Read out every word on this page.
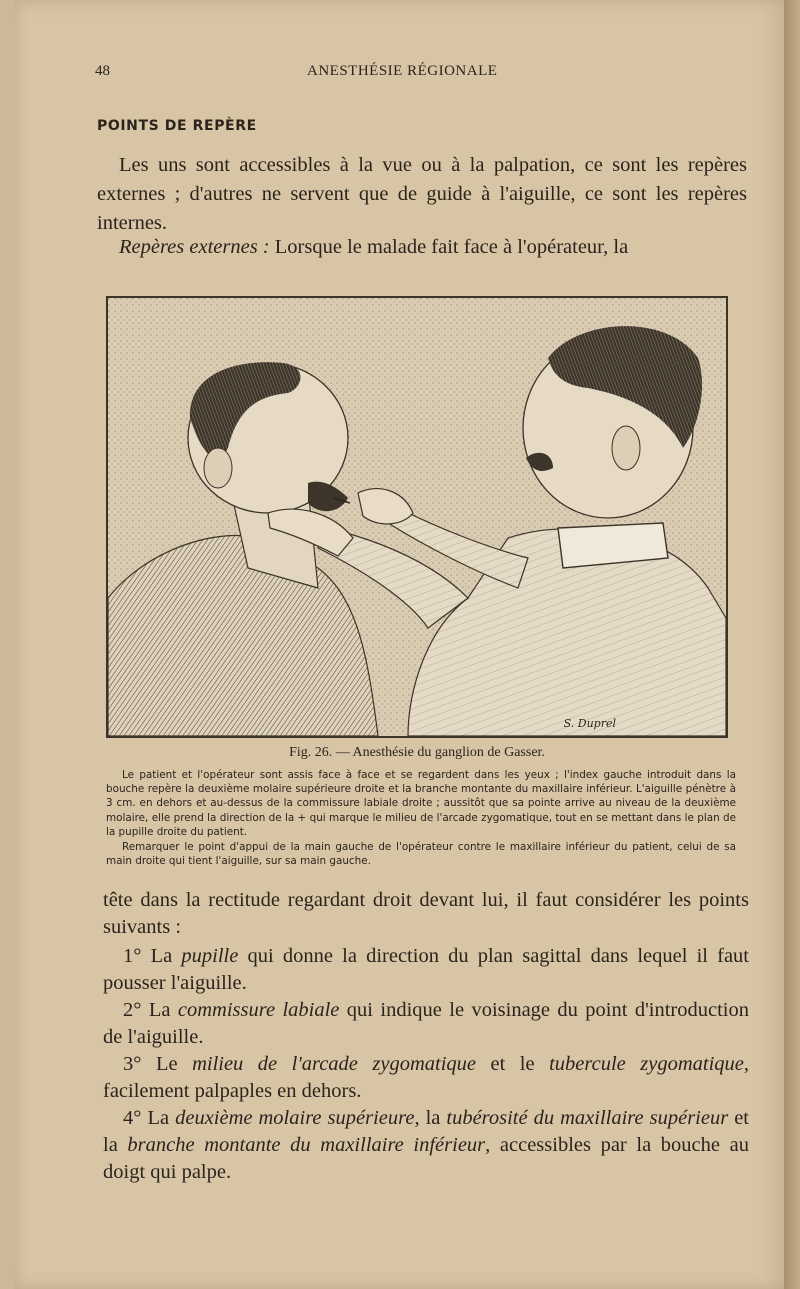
48	ANESTHÉSIE RÉGIONALE
POINTS DE REPÈRE
Les uns sont accessibles à la vue ou à la palpation, ce sont les repères externes ; d'autres ne servent que de guide à l'aiguille, ce sont les repères internes.
Repères externes : Lorsque le malade fait face à l'opérateur, la
S. Duprel
Fig. 26. — Anesthésie du ganglion de Gasser.
Le patient et l'opérateur sont assis face à face et se regardent dans les yeux ; l'index gauche introduit dans la bouche repère la deuxième molaire supérieure droite et la branche montante du maxillaire inférieur. L'aiguille pénètre à 3 cm. en dehors et au-dessus de la commissure labiale droite ; aussitôt que sa pointe arrive au niveau de la deuxième molaire, elle prend la direction de la + qui marque le milieu de l'arcade zygomatique, tout en se mettant dans le plan de la pupille droite du patient.
Remarquer le point d'appui de la main gauche de l'opérateur contre le maxillaire inférieur du patient, celui de sa main droite qui tient l'aiguille, sur sa main gauche.
tête dans la rectitude regardant droit devant lui, il faut considérer les points suivants :
1° La pupille qui donne la direction du plan sagittal dans lequel il faut pousser l'aiguille.
2° La commissure labiale qui indique le voisinage du point d'introduction de l'aiguille.
3° Le milieu de l'arcade zygomatique et le tubercule zygomatique, facilement palpaples en dehors.
4° La deuxième molaire supérieure, la tubérosité du maxillaire supérieur et la branche montante du maxillaire inférieur, accessibles par la bouche au doigt qui palpe.
